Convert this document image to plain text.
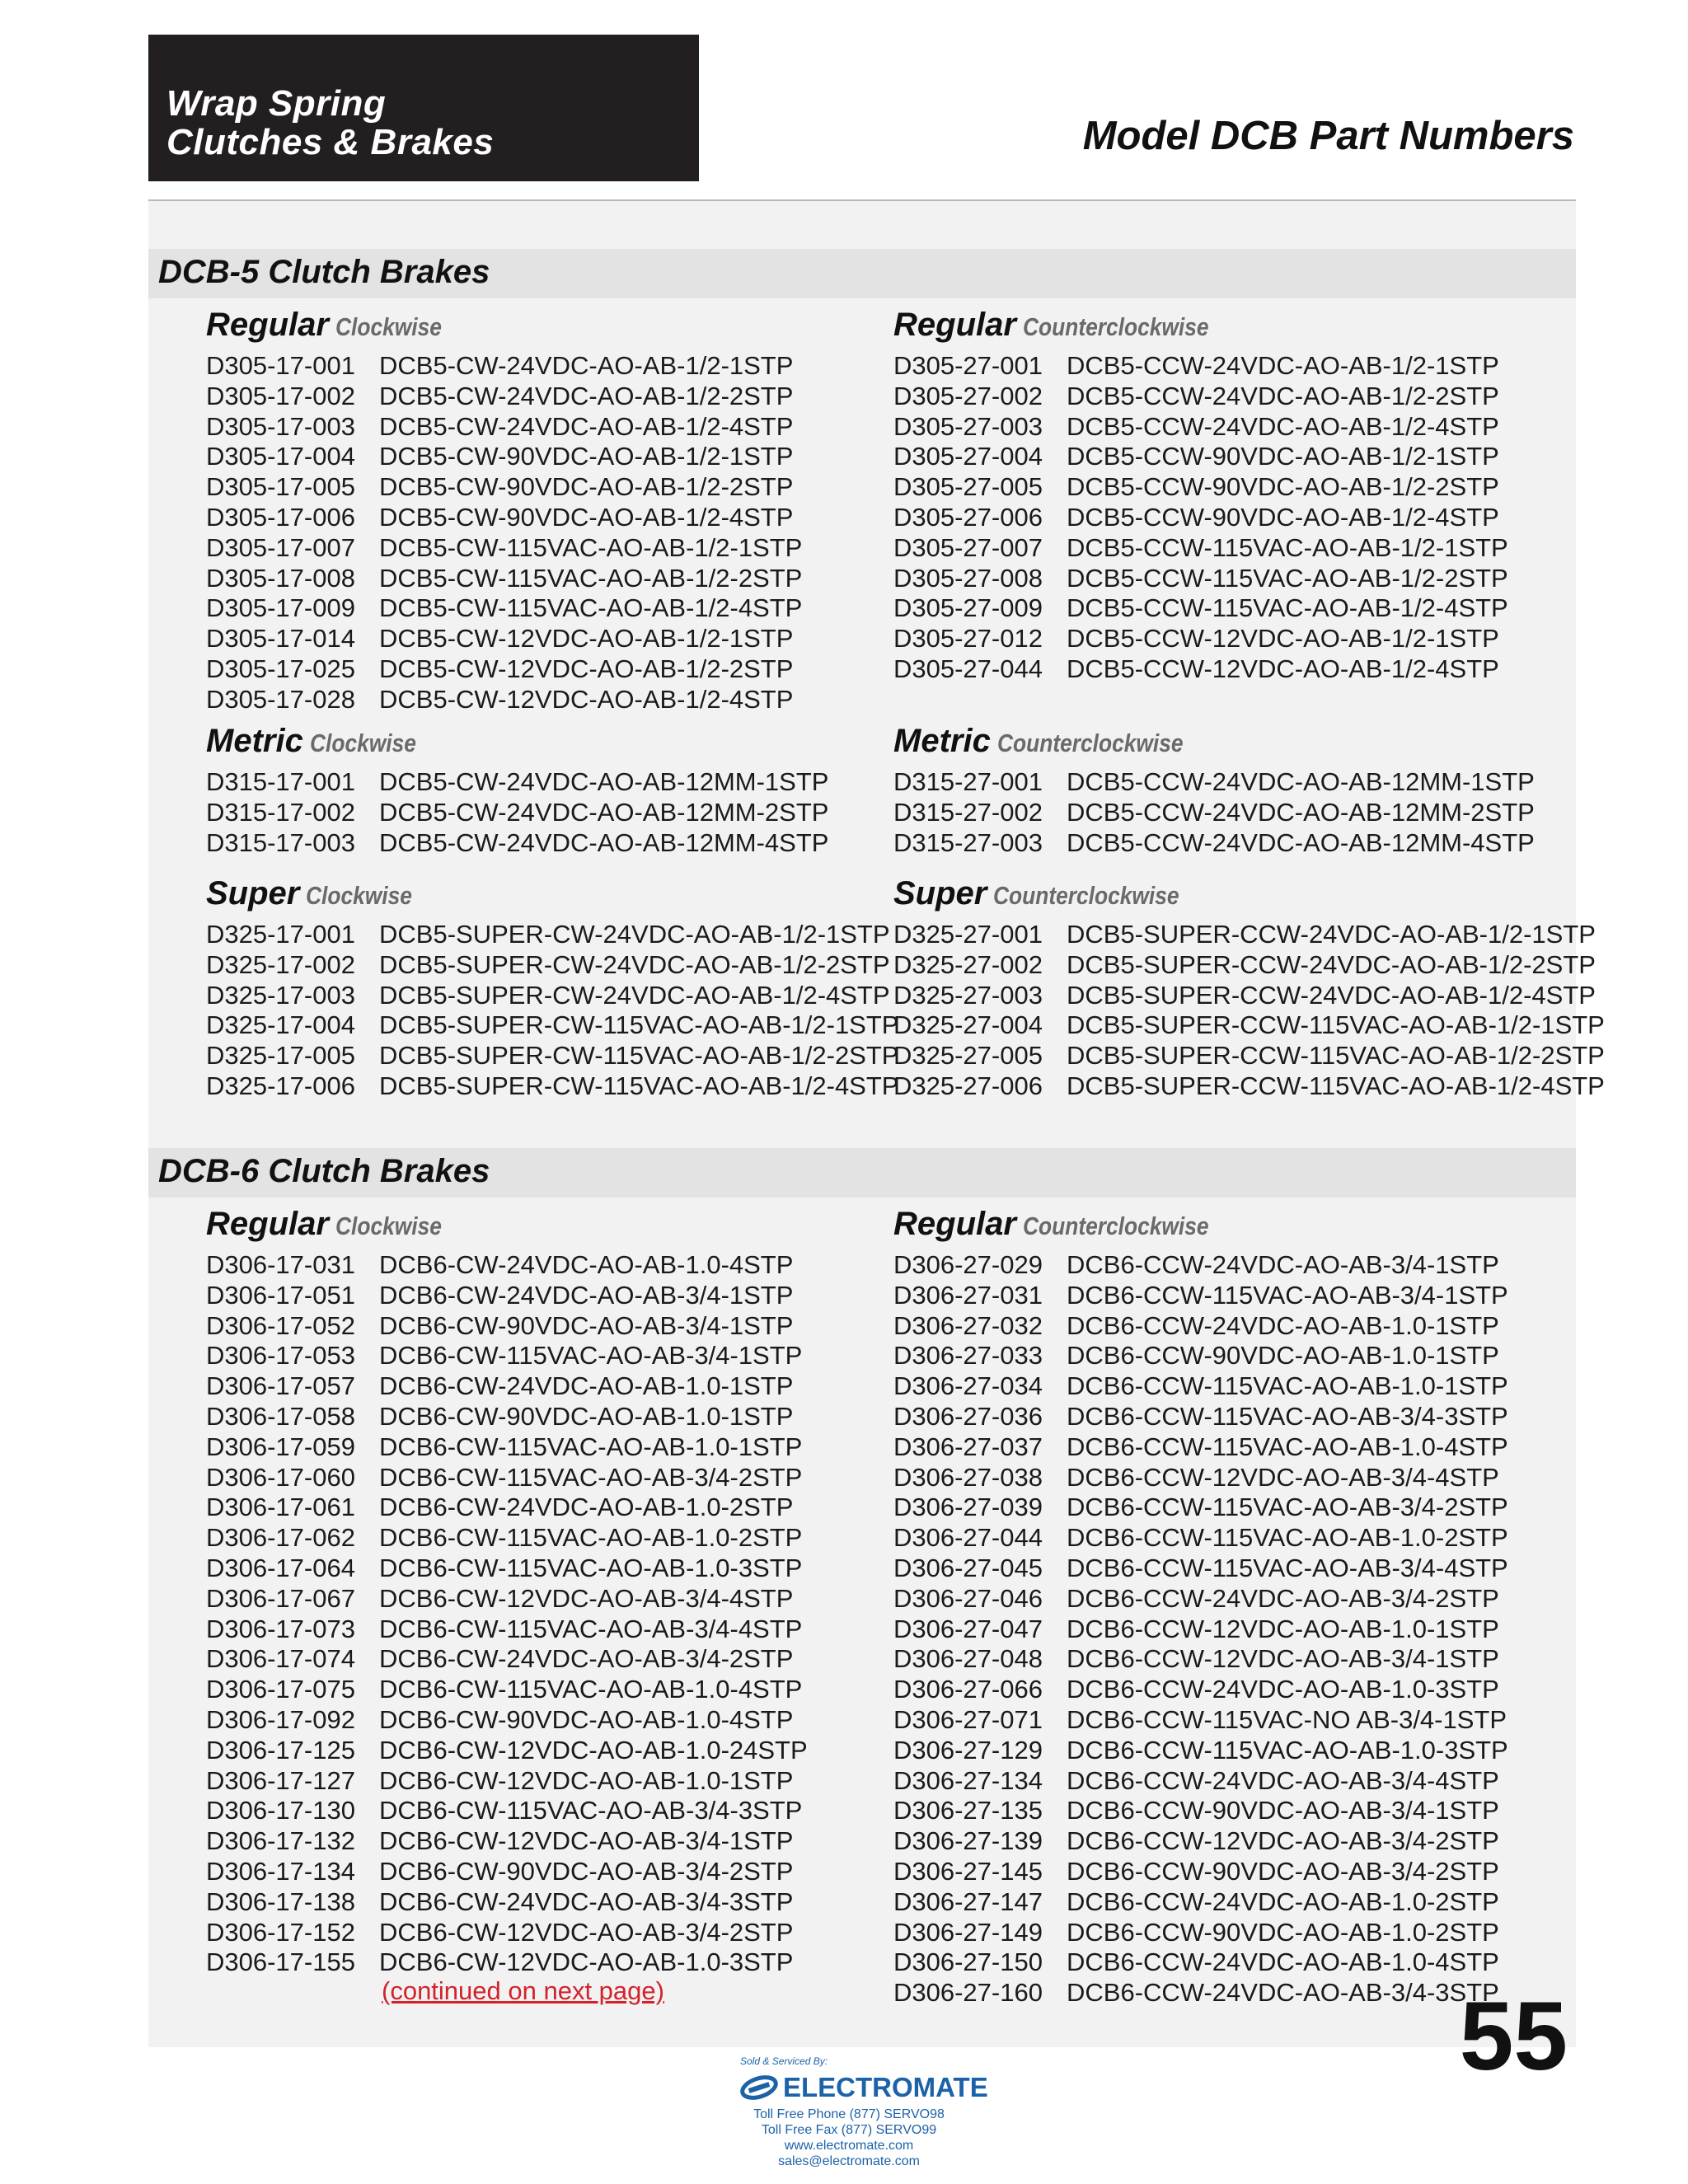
Wrap Spring
Clutches & Brakes	Model DCB Part Numbers
DCB-5 Clutch Brakes
DCB-6 Clutch Brakes
Regular Clockwise
D305-17-001 DCB5-CW-24VDC-AO-AB-1/2-1STP
D305-17-002 DCB5-CW-24VDC-AO-AB-1/2-2STP
D305-17-003 DCB5-CW-24VDC-AO-AB-1/2-4STP
D305-17-004 DCB5-CW-90VDC-AO-AB-1/2-1STP
D305-17-005 DCB5-CW-90VDC-AO-AB-1/2-2STP
D305-17-006 DCB5-CW-90VDC-AO-AB-1/2-4STP
D305-17-007 DCB5-CW-115VAC-AO-AB-1/2-1STP
D305-17-008 DCB5-CW-115VAC-AO-AB-1/2-2STP
D305-17-009 DCB5-CW-115VAC-AO-AB-1/2-4STP
D305-17-014 DCB5-CW-12VDC-AO-AB-1/2-1STP
D305-17-025 DCB5-CW-12VDC-AO-AB-1/2-2STP
D305-17-028 DCB5-CW-12VDC-AO-AB-1/2-4STP
Regular Counterclockwise
D305-27-001 DCB5-CCW-24VDC-AO-AB-1/2-1STP
D305-27-002 DCB5-CCW-24VDC-AO-AB-1/2-2STP
D305-27-003 DCB5-CCW-24VDC-AO-AB-1/2-4STP
D305-27-004 DCB5-CCW-90VDC-AO-AB-1/2-1STP
D305-27-005 DCB5-CCW-90VDC-AO-AB-1/2-2STP
D305-27-006 DCB5-CCW-90VDC-AO-AB-1/2-4STP
D305-27-007 DCB5-CCW-115VAC-AO-AB-1/2-1STP
D305-27-008 DCB5-CCW-115VAC-AO-AB-1/2-2STP
D305-27-009 DCB5-CCW-115VAC-AO-AB-1/2-4STP
D305-27-012 DCB5-CCW-12VDC-AO-AB-1/2-1STP
D305-27-044 DCB5-CCW-12VDC-AO-AB-1/2-4STP
Metric Clockwise
D315-17-001 DCB5-CW-24VDC-AO-AB-12MM-1STP
D315-17-002 DCB5-CW-24VDC-AO-AB-12MM-2STP
D315-17-003 DCB5-CW-24VDC-AO-AB-12MM-4STP
Metric Counterclockwise
D315-27-001 DCB5-CCW-24VDC-AO-AB-12MM-1STP
D315-27-002 DCB5-CCW-24VDC-AO-AB-12MM-2STP
D315-27-003 DCB5-CCW-24VDC-AO-AB-12MM-4STP
Super Clockwise
D325-17-001 DCB5-SUPER-CW-24VDC-AO-AB-1/2-1STP
D325-17-002 DCB5-SUPER-CW-24VDC-AO-AB-1/2-2STP
D325-17-003 DCB5-SUPER-CW-24VDC-AO-AB-1/2-4STP
D325-17-004 DCB5-SUPER-CW-115VAC-AO-AB-1/2-1STP
D325-17-005 DCB5-SUPER-CW-115VAC-AO-AB-1/2-2STP
D325-17-006 DCB5-SUPER-CW-115VAC-AO-AB-1/2-4STP
Super Counterclockwise
D325-27-001 DCB5-SUPER-CCW-24VDC-AO-AB-1/2-1STP
D325-27-002 DCB5-SUPER-CCW-24VDC-AO-AB-1/2-2STP
D325-27-003 DCB5-SUPER-CCW-24VDC-AO-AB-1/2-4STP
D325-27-004 DCB5-SUPER-CCW-115VAC-AO-AB-1/2-1STP
D325-27-005 DCB5-SUPER-CCW-115VAC-AO-AB-1/2-2STP
D325-27-006 DCB5-SUPER-CCW-115VAC-AO-AB-1/2-4STP
Regular Clockwise
D306-17-031 DCB6-CW-24VDC-AO-AB-1.0-4STP
D306-17-051 DCB6-CW-24VDC-AO-AB-3/4-1STP
D306-17-052 DCB6-CW-90VDC-AO-AB-3/4-1STP
D306-17-053 DCB6-CW-115VAC-AO-AB-3/4-1STP
D306-17-057 DCB6-CW-24VDC-AO-AB-1.0-1STP
D306-17-058 DCB6-CW-90VDC-AO-AB-1.0-1STP
D306-17-059 DCB6-CW-115VAC-AO-AB-1.0-1STP
D306-17-060 DCB6-CW-115VAC-AO-AB-3/4-2STP
D306-17-061 DCB6-CW-24VDC-AO-AB-1.0-2STP
D306-17-062 DCB6-CW-115VAC-AO-AB-1.0-2STP
D306-17-064 DCB6-CW-115VAC-AO-AB-1.0-3STP
D306-17-067 DCB6-CW-12VDC-AO-AB-3/4-4STP
D306-17-073 DCB6-CW-115VAC-AO-AB-3/4-4STP
D306-17-074 DCB6-CW-24VDC-AO-AB-3/4-2STP
D306-17-075 DCB6-CW-115VAC-AO-AB-1.0-4STP
D306-17-092 DCB6-CW-90VDC-AO-AB-1.0-4STP
D306-17-125 DCB6-CW-12VDC-AO-AB-1.0-24STP
D306-17-127 DCB6-CW-12VDC-AO-AB-1.0-1STP
D306-17-130 DCB6-CW-115VAC-AO-AB-3/4-3STP
D306-17-132 DCB6-CW-12VDC-AO-AB-3/4-1STP
D306-17-134 DCB6-CW-90VDC-AO-AB-3/4-2STP
D306-17-138 DCB6-CW-24VDC-AO-AB-3/4-3STP
D306-17-152 DCB6-CW-12VDC-AO-AB-3/4-2STP
D306-17-155 DCB6-CW-12VDC-AO-AB-1.0-3STP
Regular Counterclockwise
D306-27-029 DCB6-CCW-24VDC-AO-AB-3/4-1STP
D306-27-031 DCB6-CCW-115VAC-AO-AB-3/4-1STP
D306-27-032 DCB6-CCW-24VDC-AO-AB-1.0-1STP
D306-27-033 DCB6-CCW-90VDC-AO-AB-1.0-1STP
D306-27-034 DCB6-CCW-115VAC-AO-AB-1.0-1STP
D306-27-036 DCB6-CCW-115VAC-AO-AB-3/4-3STP
D306-27-037 DCB6-CCW-115VAC-AO-AB-1.0-4STP
D306-27-038 DCB6-CCW-12VDC-AO-AB-3/4-4STP
D306-27-039 DCB6-CCW-115VAC-AO-AB-3/4-2STP
D306-27-044 DCB6-CCW-115VAC-AO-AB-1.0-2STP
D306-27-045 DCB6-CCW-115VAC-AO-AB-3/4-4STP
D306-27-046 DCB6-CCW-24VDC-AO-AB-3/4-2STP
D306-27-047 DCB6-CCW-12VDC-AO-AB-1.0-1STP
D306-27-048 DCB6-CCW-12VDC-AO-AB-3/4-1STP
D306-27-066 DCB6-CCW-24VDC-AO-AB-1.0-3STP
D306-27-071 DCB6-CCW-115VAC-NO AB-3/4-1STP
D306-27-129 DCB6-CCW-115VAC-AO-AB-1.0-3STP
D306-27-134 DCB6-CCW-24VDC-AO-AB-3/4-4STP
D306-27-135 DCB6-CCW-90VDC-AO-AB-3/4-1STP
D306-27-139 DCB6-CCW-12VDC-AO-AB-3/4-2STP
D306-27-145 DCB6-CCW-90VDC-AO-AB-3/4-2STP
D306-27-147 DCB6-CCW-24VDC-AO-AB-1.0-2STP
D306-27-149 DCB6-CCW-90VDC-AO-AB-1.0-2STP
D306-27-150 DCB6-CCW-24VDC-AO-AB-1.0-4STP
D306-27-160 DCB6-CCW-24VDC-AO-AB-3/4-3STP
(continued on next page)	55
Sold & Serviced By:
ELECTROMATE
Toll Free Phone (877) SERVO98
Toll Free Fax (877) SERVO99
www.electromate.com
sales@electromate.com
